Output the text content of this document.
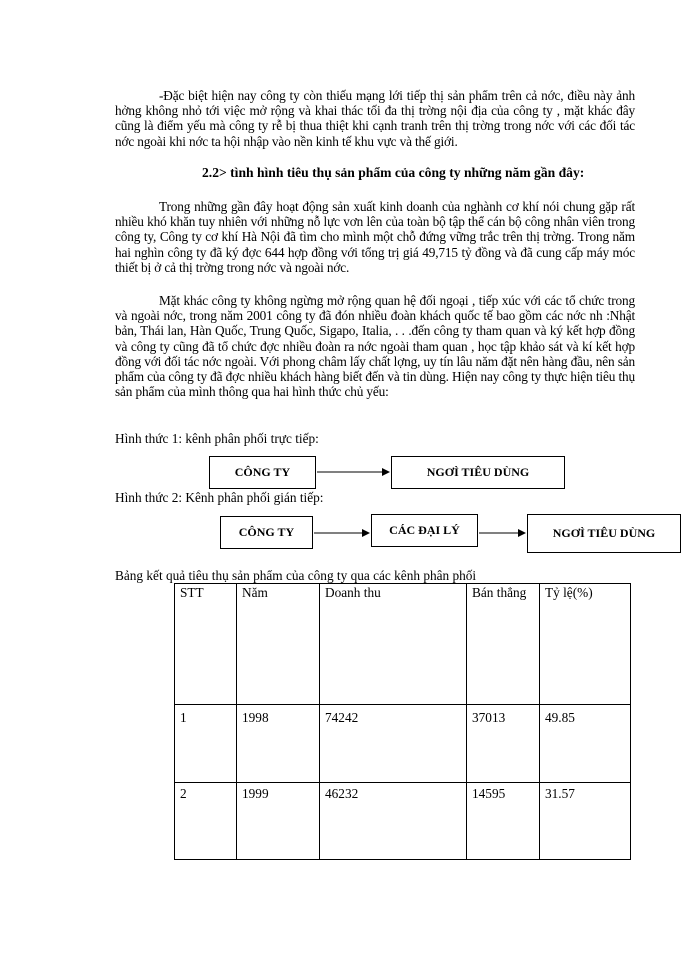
-Đặc biệt hiện nay công ty còn thiếu mạng lới tiếp thị sản phẩm trên cả nớc, điều này ảnh hởng không nhỏ tới việc mở rộng và khai thác tối đa thị trờng nội địa của công ty , mặt khác đây cũng là điểm yếu mà công ty rễ bị thua thiệt khi cạnh tranh trên thị trờng trong nớc với các đối tác nớc ngoài khi nớc ta hội nhập vào nền kinh tế khu vực và thế giới.

2.2> tình hình tiêu thụ sản phẩm của công ty những năm gần đây:

Trong những gần đây hoạt động sản xuất kinh doanh của nghành cơ khí nói chung gặp rất nhiều khó khăn tuy nhiên với những nỗ lực vơn lên của toàn bộ tập thể cán bộ công nhân viên trong công ty, Công ty cơ khí Hà Nội đã tìm cho mình một chỗ đứng vững trắc trên thị trờng. Trong năm hai nghìn công ty đã ký đợc 644 hợp đồng với tổng trị giá 49,715 tỷ đồng và đã cung cấp máy móc thiết bị ở cả thị trờng trong nớc và ngoài nớc.

Mặt khác công ty không ngừng mở rộng quan hệ đối ngoại , tiếp xúc với các tổ chức trong và ngoài nớc, trong năm 2001 công ty đã đón nhiều đoàn khách quốc tế bao gồm các nớc nh :Nhật bản, Thái lan, Hàn Quốc, Trung Quốc, Sigapo, Italia, . . .đến công ty tham quan và ký kết hợp đồng và công ty cũng đã tổ chức đợc nhiều đoàn ra nớc ngoài tham quan , học tập khảo sát và kí kết hợp đồng với đối tác nớc ngoài. Với phong châm lấy chất lợng, uy tín lâu năm đặt nên hàng đầu, nên sản phẩm của công ty đã đợc nhiều khách hàng biết đến và tin dùng. Hiện nay công ty thực hiện tiêu thụ sản phẩm của mình thông qua hai hình thức chủ yếu:

Hình thức 1: kênh phân phối trực tiếp:

CÔNG TY	NGƠÌ TIÊU DÙNG

Hình thức 2: Kênh phân phối gián tiếp:

CÔNG TY	CÁC ĐẠI LÝ	NGƠÌ TIÊU DÙNG

Bảng kết quả tiêu thụ sản phẩm của công ty qua các kênh phân phối

STT	Năm	Doanh thu	Bán thẳng	Tỷ lệ(%)
1	1998	74242	37013	49.85
2	1999	46232	14595	31.57
